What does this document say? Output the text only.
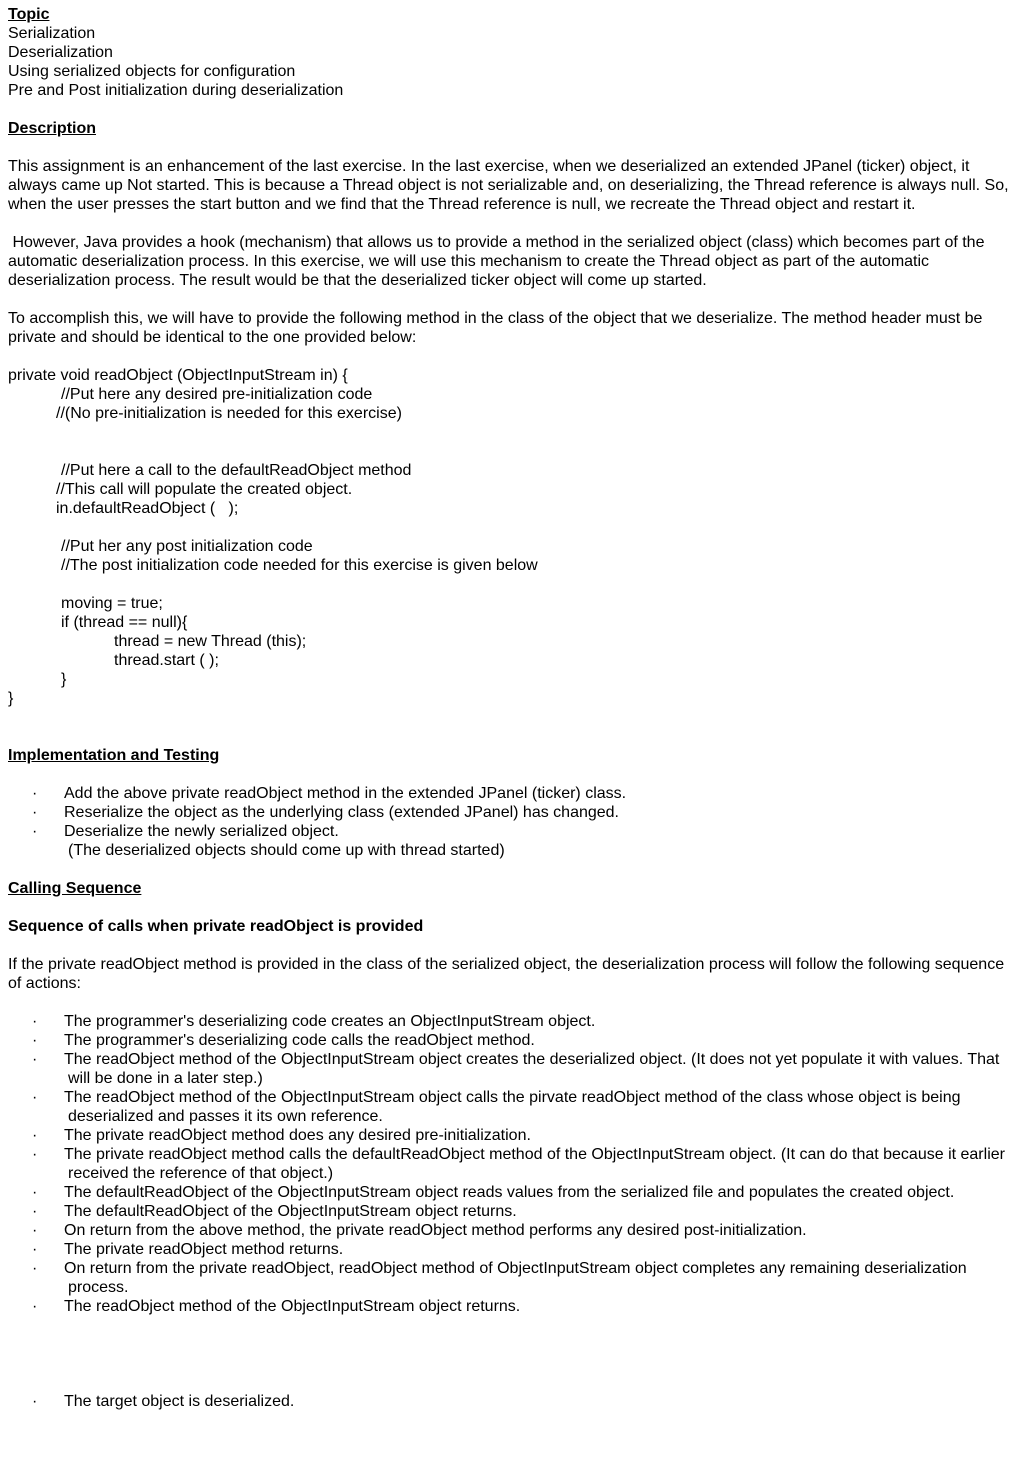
Topic
Serialization
Deserialization
Using serialized objects for configuration
Pre and Post initialization during deserialization
Description
This assignment is an enhancement of the last exercise. In the last exercise, when we deserialized an extended JPanel (ticker) object, it always came up Not started. This is because a Thread object is not serializable and, on deserializing, the Thread reference is always null. So, when the user presses the start button and we find that the Thread reference is null, we recreate the Thread object and restart it.
However, Java provides a hook (mechanism) that allows us to provide a method in the serialized object (class) which becomes part of the automatic deserialization process. In this exercise, we will use this mechanism to create the Thread object as part of the automatic deserialization process. The result would be that the deserialized ticker object will come up started.
To accomplish this, we will have to provide the following method in the class of the object that we deserialize. The method header must be private and should be identical to the one provided below:
private void readObject (ObjectInputStream in) {
//Put here any desired pre-initialization code
//(No pre-initialization is needed for this exercise)
//Put here a call to the defaultReadObject method
//This call will populate the created object.
in.defaultReadObject (   );
//Put her any post initialization code
//The post initialization code needed for this exercise is given below
moving = true;
if (thread == null){
thread = new Thread (this);
thread.start ( );
}
}
Implementation and Testing
· Add the above private readObject method in the extended JPanel (ticker) class.
· Reserialize the object as the underlying class (extended JPanel) has changed.
· Deserialize the newly serialized object.
(The deserialized objects should come up with thread started)
Calling Sequence
Sequence of calls when private readObject is provided
If the private readObject method is provided in the class of the serialized object, the deserialization process will follow the following sequence of actions:
· The programmer's deserializing code creates an ObjectInputStream object.
· The programmer's deserializing code calls the readObject method.
· The readObject method of the ObjectInputStream object creates the deserialized object. (It does not yet populate it with values. That
will be done in a later step.)
· The readObject method of the ObjectInputStream object calls the pirvate readObject method of the class whose object is being
deserialized and passes it its own reference.
· The private readObject method does any desired pre-initialization.
· The private readObject method calls the defaultReadObject method of the ObjectInputStream object. (It can do that because it earlier
received the reference of that object.)
· The defaultReadObject of the ObjectInputStream object reads values from the serialized file and populates the created object.
· The defaultReadObject of the ObjectInputStream object returns.
· On return from the above method, the private readObject method performs any desired post-initialization.
· The private readObject method returns.
· On return from the private readObject, readObject method of ObjectInputStream object completes any remaining deserialization
process.
· The readObject method of the ObjectInputStream object returns.
· The target object is deserialized.
